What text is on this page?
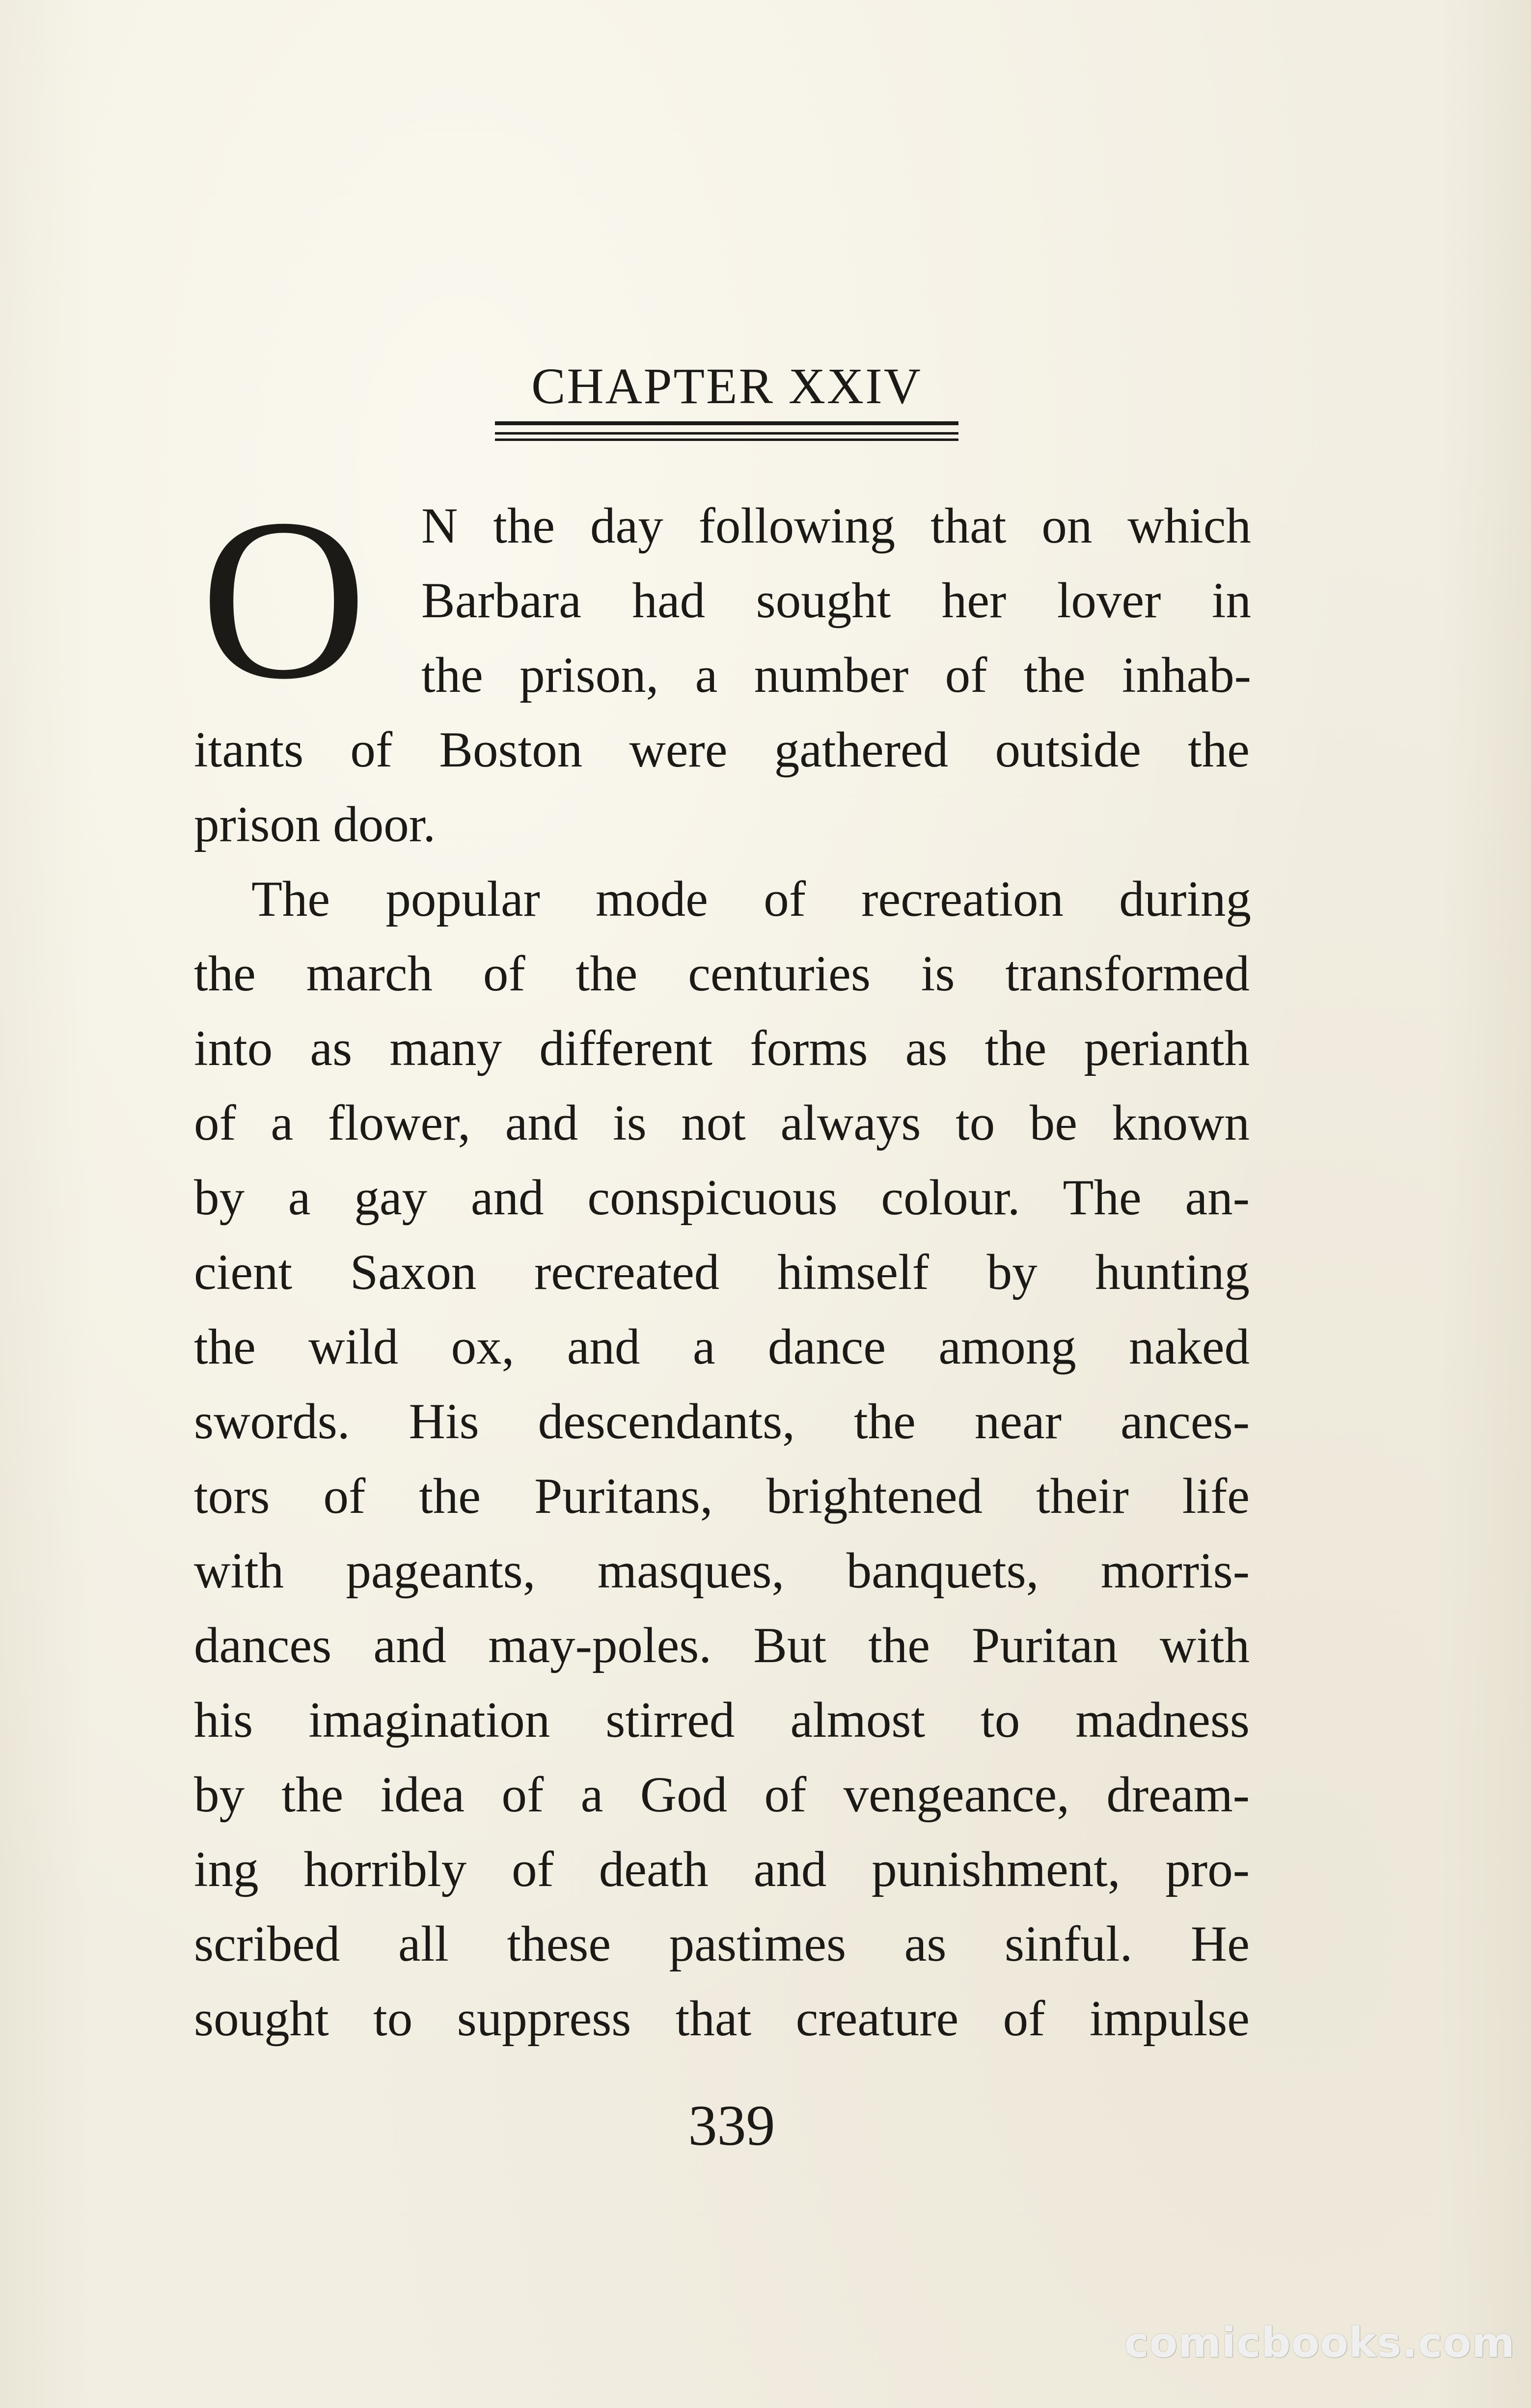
CHAPTER XXIV
O N the day following that on which
Barbara had sought her lover in
the prison, a number of the inhab-
itants of Boston were gathered outside the
prison door.
The popular mode of recreation during
the march of the centuries is transformed
into as many different forms as the perianth
of a flower, and is not always to be known
by a gay and conspicuous colour. The an-
cient Saxon recreated himself by hunting
the wild ox, and a dance among naked
swords. His descendants, the near ances-
tors of the Puritans, brightened their life
with pageants, masques, banquets, morris-
dances and may-poles. But the Puritan with
his imagination stirred almost to madness
by the idea of a God of vengeance, dream-
ing horribly of death and punishment, pro-
scribed all these pastimes as sinful. He
sought to suppress that creature of impulse
339
comicbooks.com
